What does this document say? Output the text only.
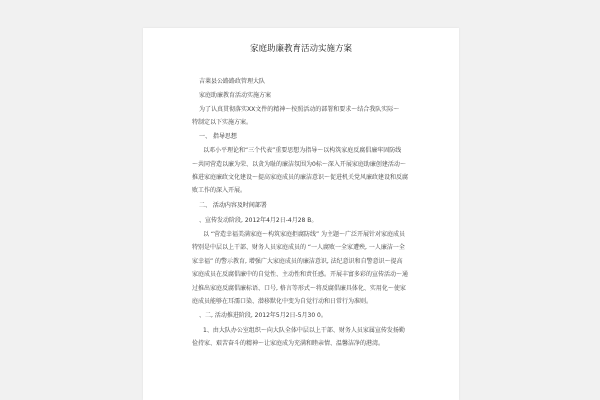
家庭助廉教育活动实施方案
吉莱县公路路政管理大队
家庭助廉教育活动实施方案
为了认真贯彻落实XX文件的精神～按照活动的部署和要求～结合我队实际～
特制定以下实施方案。
一、 指导思想
以邓小平理论和“三个代表”重要思想为指导～以构筑家庭反腐倡廉牢固防线
～共同营造以廉为荣、以贪为耻的廉洁氛围为0标～深入开展家庭助廉创建活动～
推进家庭廉政文化建设～提高家庭成员的廉洁意识～促进机关党风廉政建设和反腐
败工作的深入开展。
二、 活动内容及时间部署
、宣传发动阶段, 2012年4月2日-4月28 B。
以 “营造幸福美满家庭～构筑家庭拒腐防线” 为主题～广泛开展针对家庭成员
特别是中层以上干部、财务人员家庭成员的 “一人腐败一全家遭殃, 一人廉洁一全
家幸福” 的警示教育, 增强广大家庭成员的廉洁意识, 法纪意识和自警意识～提高
家庭成员在反腐倡廉中的自觉性、主动性和责任感。开展丰富多彩的宣传活动～通
过推出家庭反腐倡廉标语、口号, 格言等形式～将反腐倡廉具体化、实用化～使家
庭成员能够在耳濡口染、潜移默化中变为自觉行动和日常行为准则。
、二, 活动推进阶段, 2012年5月2日-5月30 0。
1、由大队办公室组织～向大队全体中层以上干部、财务人员家属宣传发扬勤
俭持家、艰苦奋斗的精神～让家庭成为充满和睦亲情、温馨洁净的港湾。
